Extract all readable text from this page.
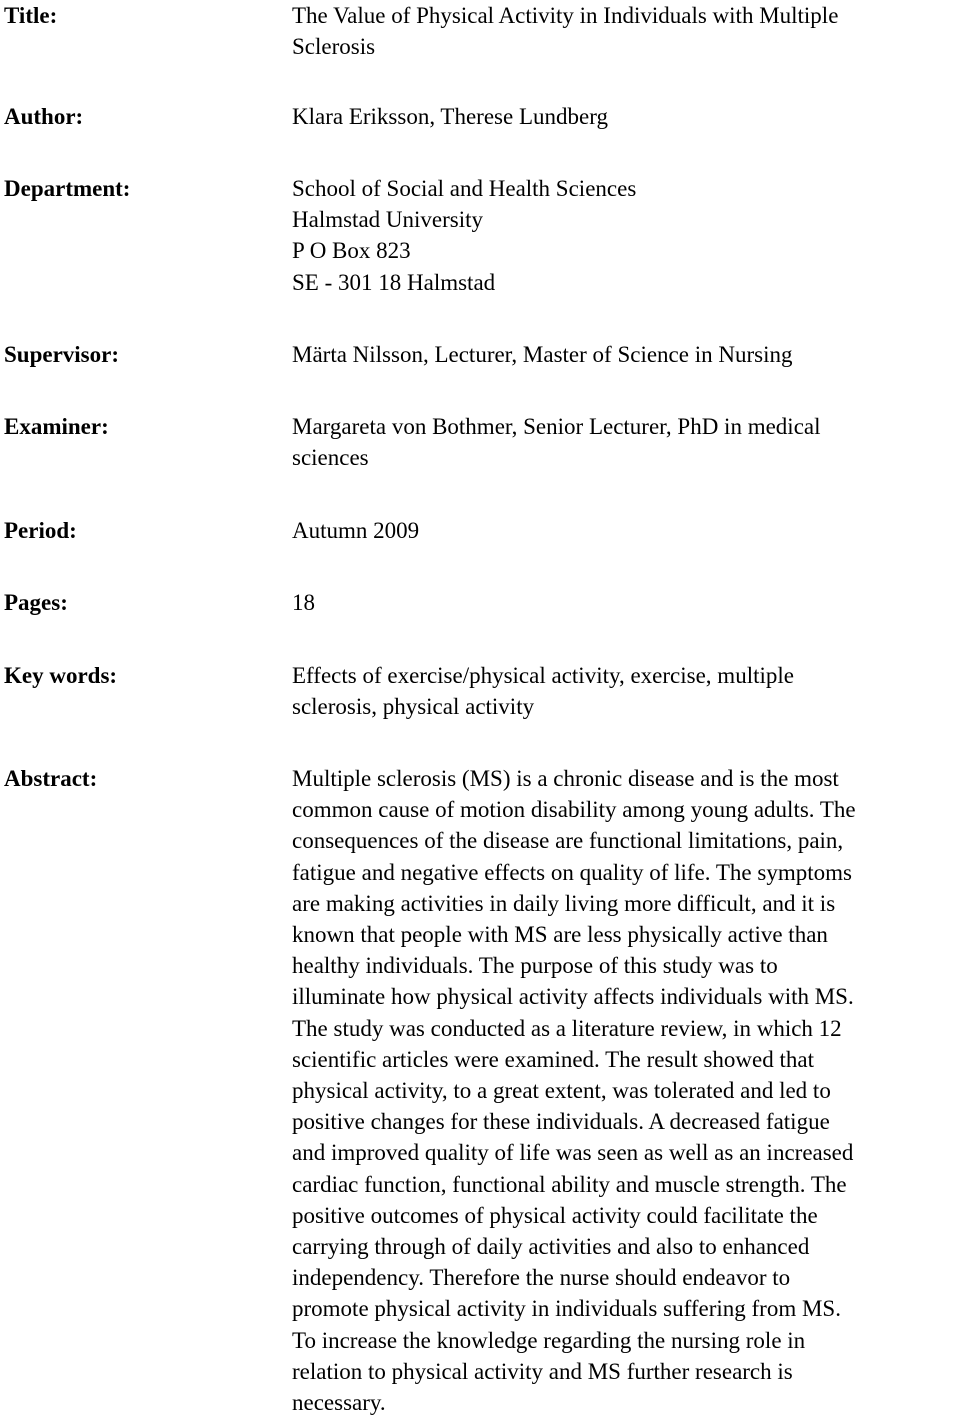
Title:	The Value of Physical Activity in Individuals with Multiple
Sclerosis
Author:	Klara Eriksson, Therese Lundberg
Department:	School of Social and Health Sciences
Halmstad University
P O Box 823
SE - 301 18 Halmstad
Supervisor:	Märta Nilsson, Lecturer, Master of Science in Nursing
Examiner:	Margareta von Bothmer, Senior Lecturer, PhD in medical
sciences
Period:	Autumn 2009
Pages:	18
Key words:	Effects of exercise/physical activity, exercise, multiple
sclerosis, physical activity
Abstract:	Multiple sclerosis (MS) is a chronic disease and is the most
common cause of motion disability among young adults. The
consequences of the disease are functional limitations, pain,
fatigue and negative effects on quality of life. The symptoms
are making activities in daily living more difficult, and it is
known that people with MS are less physically active than
healthy individuals. The purpose of this study was to
illuminate how physical activity affects individuals with MS.
The study was conducted as a literature review, in which 12
scientific articles were examined. The result showed that
physical activity, to a great extent, was tolerated and led to
positive changes for these individuals. A decreased fatigue
and improved quality of life was seen as well as an increased
cardiac function, functional ability and muscle strength. The
positive outcomes of physical activity could facilitate the
carrying through of daily activities and also to enhanced
independency. Therefore the nurse should endeavor to
promote physical activity in individuals suffering from MS.
To increase the knowledge regarding the nursing role in
relation to physical activity and MS further research is
necessary.
